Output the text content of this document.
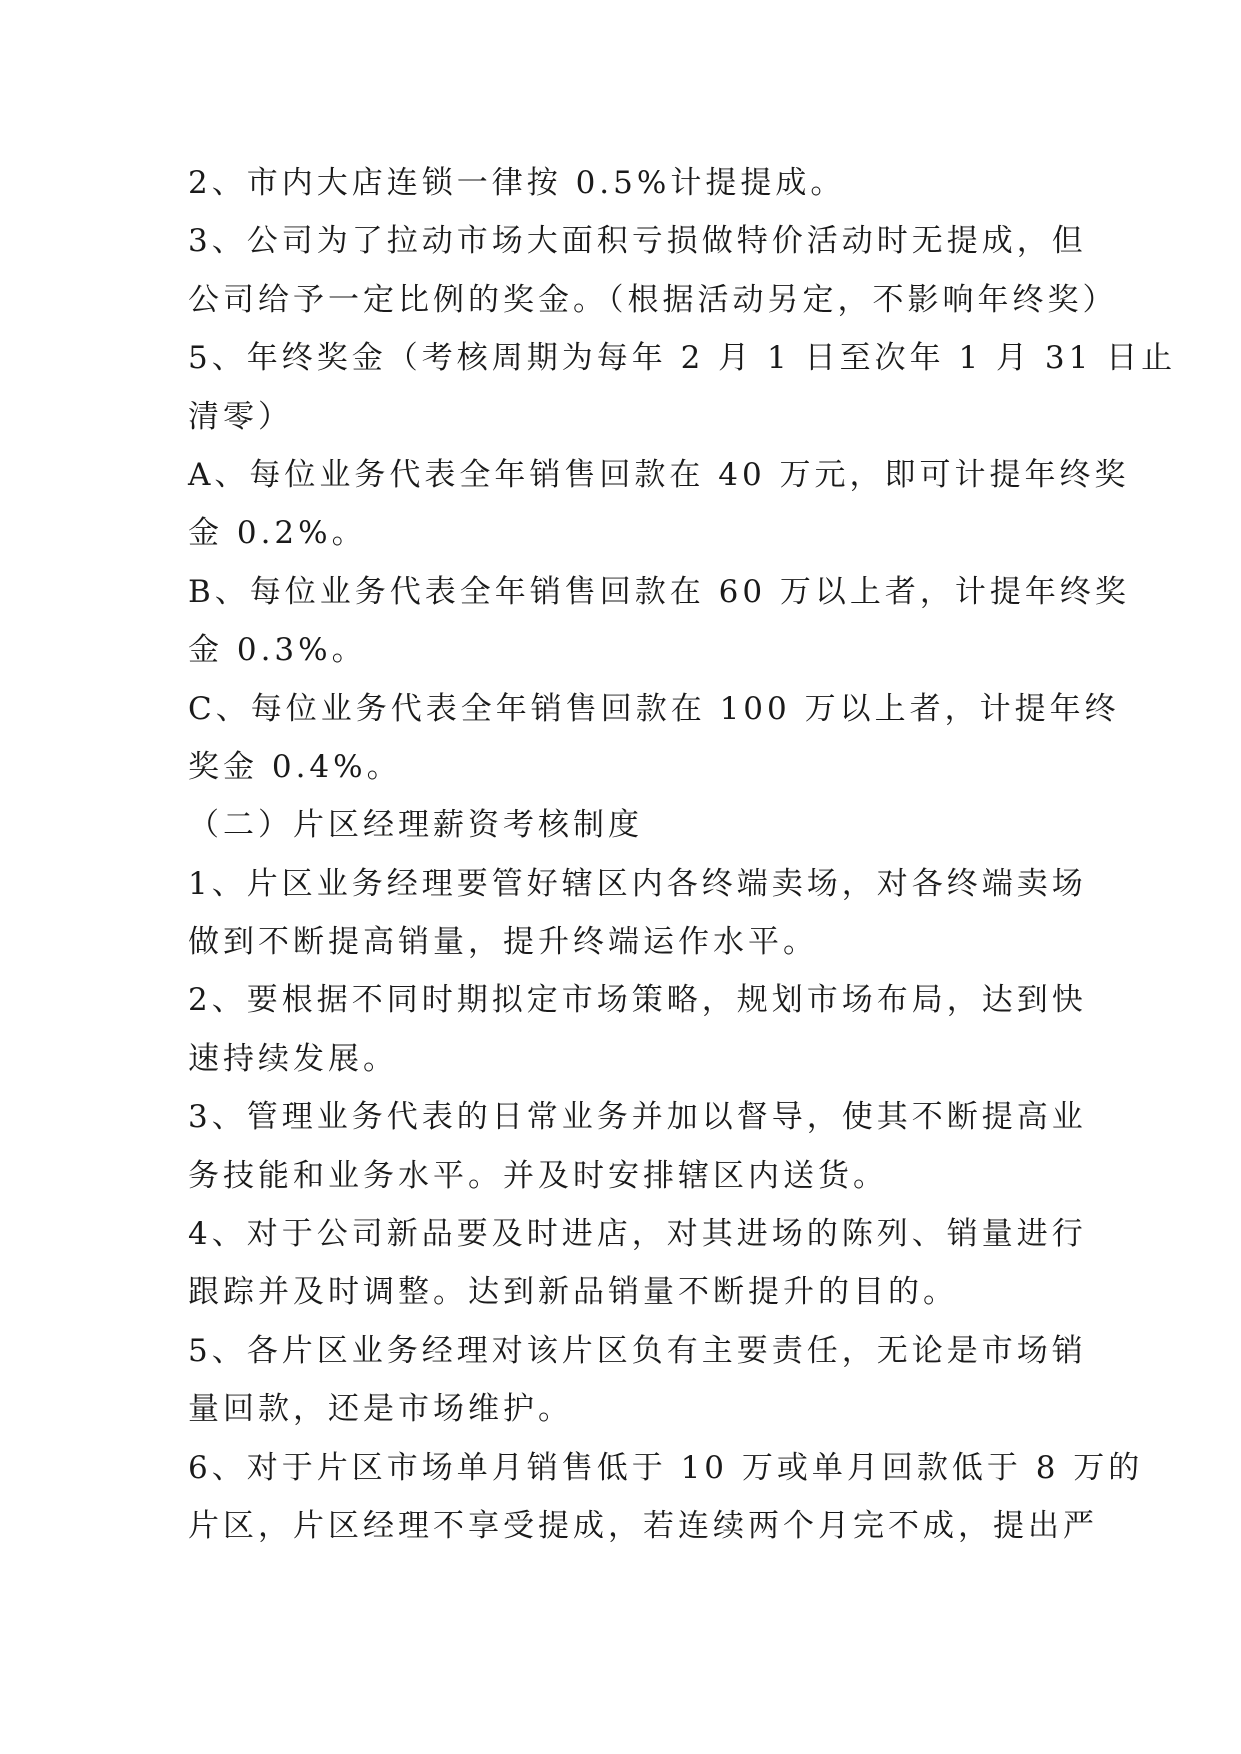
2、市内大店连锁一律按 0.5%计提提成。
3、公司为了拉动市场大面积亏损做特价活动时无提成，但
公司给予一定比例的奖金。（根据活动另定，不影响年终奖）
5、年终奖金（考核周期为每年 2 月 1 日至次年 1 月 31 日止
清零）
A、每位业务代表全年销售回款在 40 万元，即可计提年终奖
金 0.2%。
B、每位业务代表全年销售回款在 60 万以上者，计提年终奖
金 0.3%。
C、每位业务代表全年销售回款在 100 万以上者，计提年终
奖金 0.4%。
（二）片区经理薪资考核制度
1、片区业务经理要管好辖区内各终端卖场，对各终端卖场
做到不断提高销量，提升终端运作水平。
2、要根据不同时期拟定市场策略，规划市场布局，达到快
速持续发展。
3、管理业务代表的日常业务并加以督导，使其不断提高业
务技能和业务水平。并及时安排辖区内送货。
4、对于公司新品要及时进店，对其进场的陈列、销量进行
跟踪并及时调整。达到新品销量不断提升的目的。
5、各片区业务经理对该片区负有主要责任，无论是市场销
量回款，还是市场维护。
6、对于片区市场单月销售低于 10 万或单月回款低于 8 万的
片区，片区经理不享受提成，若连续两个月完不成，提出严
